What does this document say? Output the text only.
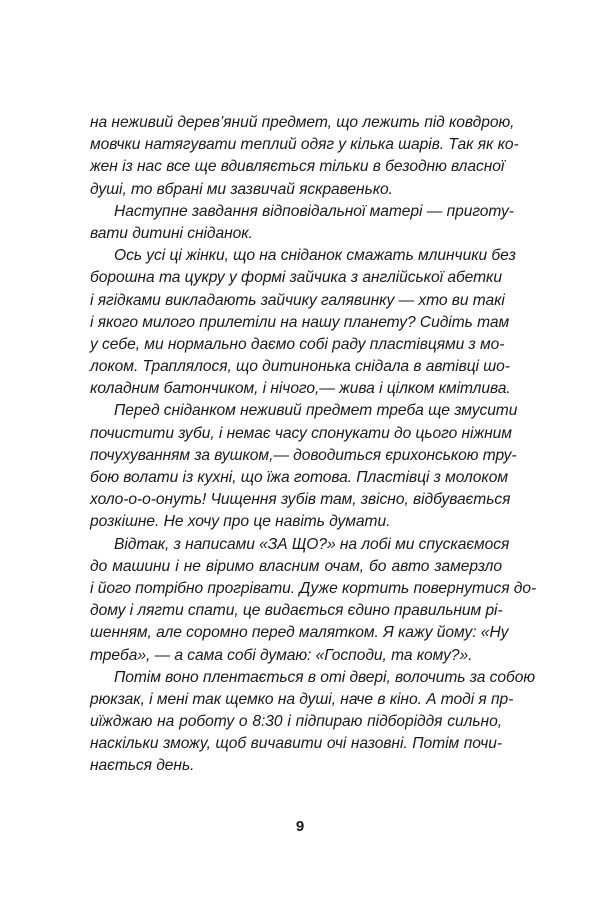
на неживий дерев’яний предмет, що лежить під ковдрою,
мовчки натягувати теплий одяг у кілька шарів. Так як ко-
жен із нас все ще вдивляється тільки в безодню власної
душі, то вбрані ми зазвичай яскравенько.
Наступне завдання відповідальної матері — приготу-
вати дитині сніданок.
Ось усі ці жінки, що на сніданок смажать млинчики без
борошна та цукру у формі зайчика з англійської абетки
і ягідками викладають зайчику галявинку — хто ви такі
і якого милого прилетіли на нашу планету? Сидіть там
у себе, ми нормально даємо собі раду пластівцями з мо-
локом. Траплялося, що дитинонька снідала в автівці шо-
коладним батончиком, і нічого,— жива і цілком кмітлива.
Перед сніданком неживий предмет треба ще змусити
почистити зуби, і немає часу спонукати до цього ніжним
почухуванням за вушком,— доводиться єрихонською тру-
бою волати із кухні, що їжа готова. Пластівці з молоком
холо-о-о-онуть! Чищення зубів там, звісно, відбувається
розкішне. Не хочу про це навіть думати.
Відтак, з написами «ЗА ЩО?» на лобі ми спускаємося
до машини і не віримо власним очам, бо авто замерзло
і його потрібно прогрівати. Дуже кортить повернутися до-
дому і лягти спати, це видається єдино правильним рі-
шенням, але соромно перед малятком. Я кажу йому: «Ну
треба», — а сама собі думаю: «Господи, та кому?».
Потім воно плентається в оті двері, волочить за собою
рюкзак, і мені так щемко на душі, наче в кіно. А тоді я пр-
иїжджаю на роботу о 8:30 і підпираю підборіддя сильно,
наскільки зможу, щоб вичавити очі назовні. Потім почи-
нається день.
9
